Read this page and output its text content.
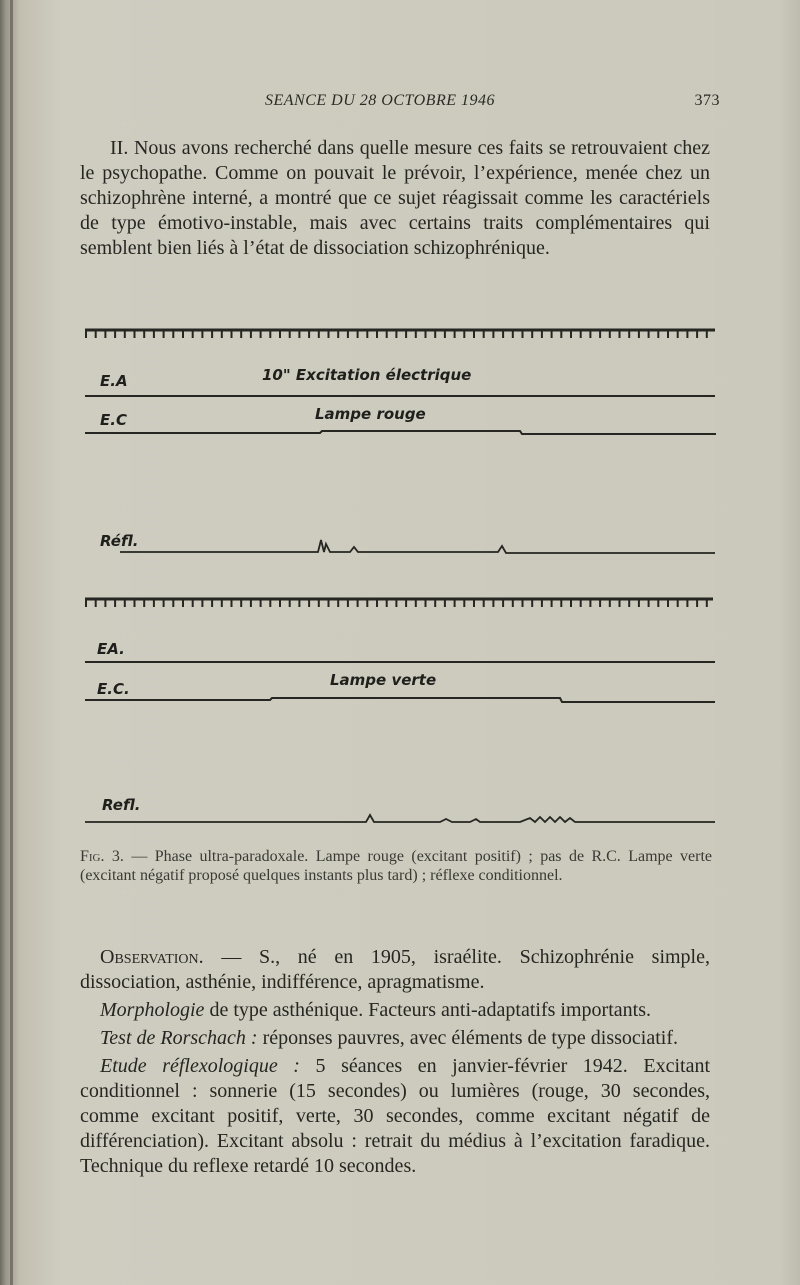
SEANCE DU 28 OCTOBRE 1946	373
II. Nous avons recherché dans quelle mesure ces faits se retrouvaient chez le psychopathe. Comme on pouvait le prévoir, l’expérience, menée chez un schizophrène interné, a montré que ce sujet réagissait comme les caractériels de type émotivo-instable, mais avec certains traits complémentaires qui semblent bien liés à l’état de dissociation schizophrénique.
E.A	10" Excitation électrique
E.C	Lampe rouge
Réfl.
EA.
E.C.	Lampe verte
Refl.
Fig. 3. — Phase ultra-paradoxale. Lampe rouge (excitant positif) ; pas de R.C. Lampe verte (excitant négatif proposé quelques instants plus tard) ; réflexe conditionnel.

Observation. — S., né en 1905, israélite. Schizophrénie simple, dissociation, asthénie, indifférence, apragmatisme.

Morphologie de type asthénique. Facteurs anti-adaptatifs importants.

Test de Rorschach : réponses pauvres, avec éléments de type dissociatif.

Etude réflexologique : 5 séances en janvier-février 1942. Excitant conditionnel : sonnerie (15 secondes) ou lumières (rouge, 30 secondes, comme excitant positif, verte, 30 secondes, comme excitant négatif de différenciation). Excitant absolu : retrait du médius à l’excitation faradique. Technique du reflexe retardé 10 secondes.
